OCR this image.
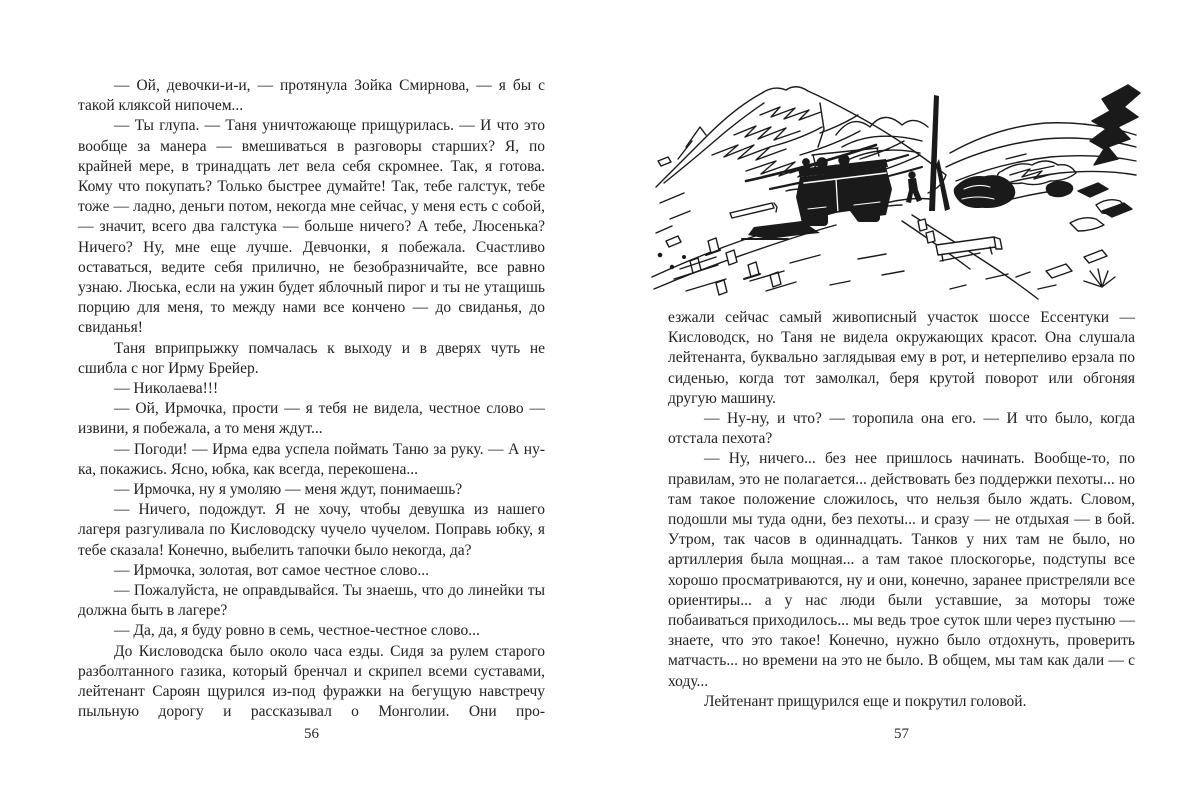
— Ой, девочки-и-и, — протянула Зойка Смирнова, — я бы с такой кляксой нипочем...

— Ты глупа. — Таня уничтожающе прищурилась. — И что это вообще за манера — вмешиваться в разговоры старших? Я, по крайней мере, в тринадцать лет вела себя скромнее. Так, я готова. Кому что покупать? Только быстрее думайте! Так, тебе галстук, тебе тоже — ладно, деньги потом, некогда мне сейчас, у меня есть с собой, — значит, всего два галстука — больше ничего? А тебе, Люсенька? Ничего? Ну, мне еще лучше. Девчонки, я побежала. Счастливо оставаться, ведите себя прилично, не безобразничайте, все равно узнаю. Люська, если на ужин будет яблочный пирог и ты не утащишь порцию для меня, то между нами все кончено — до свиданья, до свиданья!

Таня вприпрыжку помчалась к выходу и в дверях чуть не сшибла с ног Ирму Брейер.

— Николаева!!!

— Ой, Ирмочка, прости — я тебя не видела, честное слово — извини, я побежала, а то меня ждут...

— Погоди! — Ирма едва успела поймать Таню за руку. — А ну-ка, покажись. Ясно, юбка, как всегда, перекошена...

— Ирмочка, ну я умоляю — меня ждут, понимаешь?

— Ничего, подождут. Я не хочу, чтобы девушка из нашего лагеря разгуливала по Кисловодску чучело чучелом. Поправь юбку, я тебе сказала! Конечно, выбелить тапочки было некогда, да?

— Ирмочка, золотая, вот самое честное слово...

— Пожалуйста, не оправдывайся. Ты знаешь, что до линейки ты должна быть в лагере?

— Да, да, я буду ровно в семь, честное-честное слово...

До Кисловодска было около часа езды. Сидя за рулем старого разболтанного газика, который бренчал и скрипел всеми суставами, лейтенант Сароян щурился из-под фуражки на бегущую навстречу пыльную дорогу и рассказывал о Монголии. Они про-

езжали сейчас самый живописный участок шоссе Ессентуки — Кисловодск, но Таня не видела окружающих красот. Она слушала лейтенанта, буквально заглядывая ему в рот, и нетерпеливо ерзала по сиденью, когда тот замолкал, беря крутой поворот или обгоняя другую машину.

— Ну-ну, и что? — торопила она его. — И что было, когда отстала пехота?

— Ну, ничего... без нее пришлось начинать. Вообще-то, по правилам, это не полагается... действовать без поддержки пехоты... но там такое положение сложилось, что нельзя было ждать. Словом, подошли мы туда одни, без пехоты... и сразу — не отдыхая — в бой. Утром, так часов в одиннадцать. Танков у них там не было, но артиллерия была мощная... а там такое плоскогорье, подступы все хорошо просматриваются, ну и они, конечно, заранее пристреляли все ориентиры... а у нас люди были уставшие, за моторы тоже побаиваться приходилось... мы ведь трое суток шли через пустыню — знаете, что это такое! Конечно, нужно было отдохнуть, проверить матчасть... но времени на это не было. В общем, мы там как дали — с ходу...

Лейтенант прищурился еще и покрутил головой.

56	57
